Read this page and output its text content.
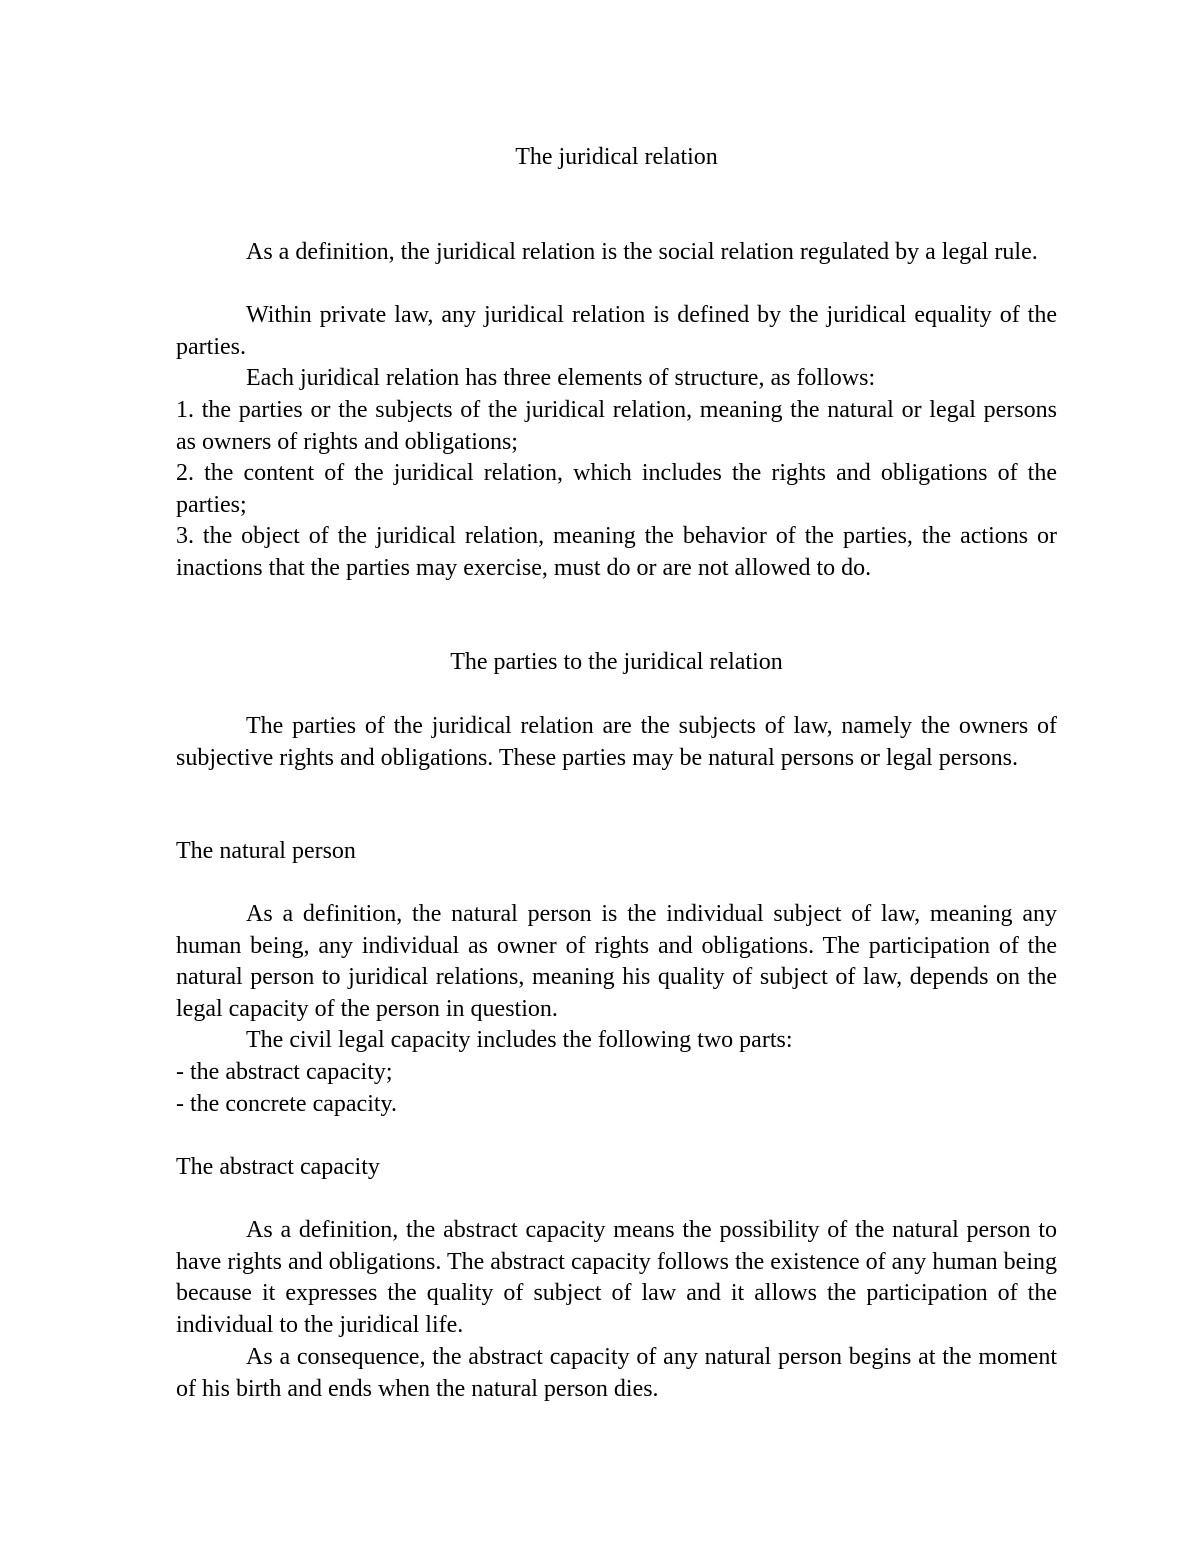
The juridical relation

As a definition, the juridical relation is the social relation regulated by a legal rule.

Within private law, any juridical relation is defined by the juridical equality of the parties.

Each juridical relation has three elements of structure, as follows:

1. the parties or the subjects of the juridical relation, meaning the natural or legal persons as owners of rights and obligations;

2. the content of the juridical relation, which includes the rights and obligations of the parties;

3. the object of the juridical relation, meaning the behavior of the parties, the actions or inactions that the parties may exercise, must do or are not allowed to do.

The parties to the juridical relation

The parties of the juridical relation are the subjects of law, namely the owners of subjective rights and obligations. These parties may be natural persons or legal persons.

The natural person

As a definition, the natural person is the individual subject of law, meaning any human being, any individual as owner of rights and obligations. The participation of the natural person to juridical relations, meaning his quality of subject of law, depends on the legal capacity of the person in question.

The civil legal capacity includes the following two parts:

- the abstract capacity;

- the concrete capacity.

The abstract capacity

As a definition, the abstract capacity means the possibility of the natural person to have rights and obligations. The abstract capacity follows the existence of any human being because it expresses the quality of subject of law and it allows the participation of the individual to the juridical life.

As a consequence, the abstract capacity of any natural person begins at the moment of his birth and ends when the natural person dies.
